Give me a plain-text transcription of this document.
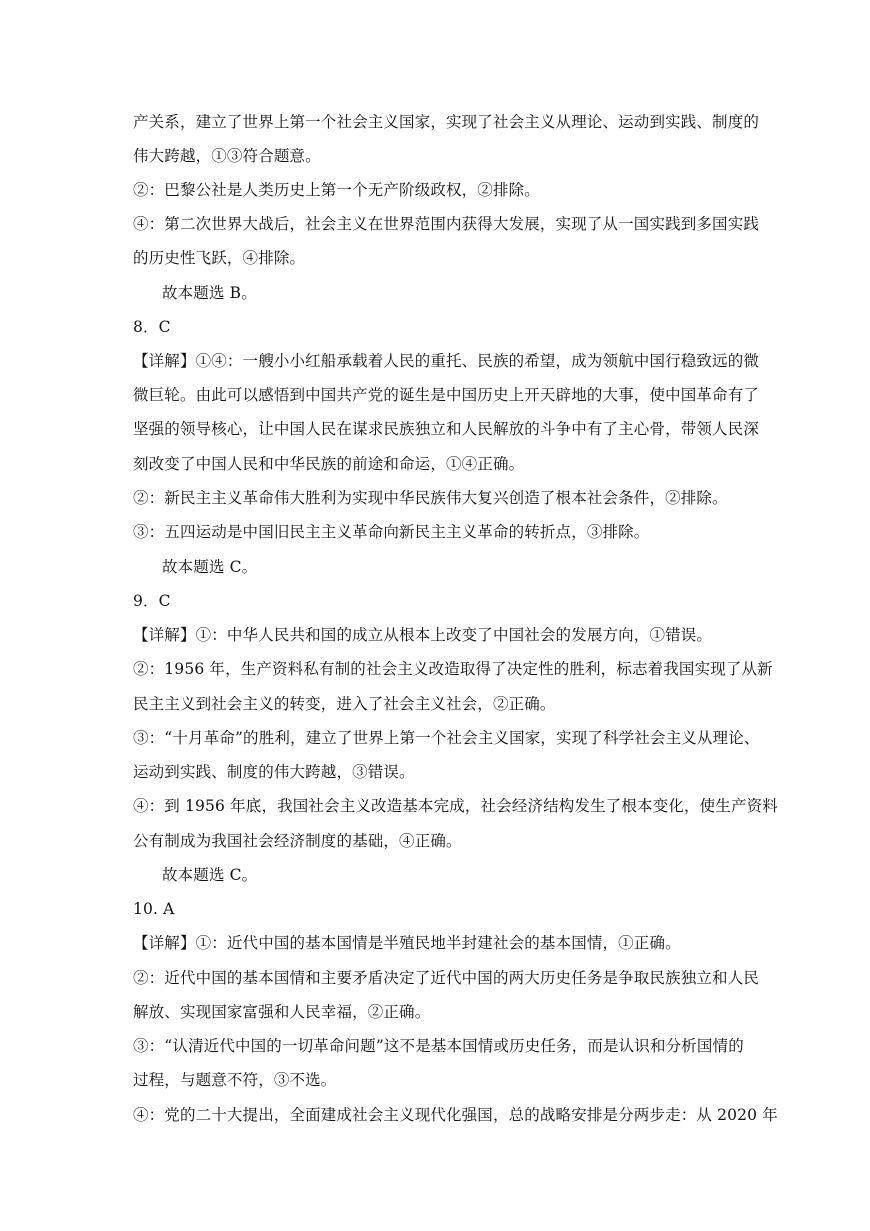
产关系，建立了世界上第一个社会主义国家，实现了社会主义从理论、运动到实践、制度的
伟大跨越，①③符合题意。
②：巴黎公社是人类历史上第一个无产阶级政权，②排除。
④：第二次世界大战后，社会主义在世界范围内获得大发展，实现了从一国实践到多国实践
的历史性飞跃，④排除。
故本题选 B。
8．C
【详解】①④：一艘小小红船承载着人民的重托、民族的希望，成为领航中国行稳致远的微
微巨轮。由此可以感悟到中国共产党的诞生是中国历史上开天辟地的大事，使中国革命有了
坚强的领导核心，让中国人民在谋求民族独立和人民解放的斗争中有了主心骨，带领人民深
刻改变了中国人民和中华民族的前途和命运，①④正确。
②：新民主主义革命伟大胜利为实现中华民族伟大复兴创造了根本社会条件，②排除。
③：五四运动是中国旧民主主义革命向新民主主义革命的转折点，③排除。
故本题选 C。
9．C
【详解】①：中华人民共和国的成立从根本上改变了中国社会的发展方向，①错误。
②：1956 年，生产资料私有制的社会主义改造取得了决定性的胜利，标志着我国实现了从新
民主主义到社会主义的转变，进入了社会主义社会，②正确。
③：“十月革命”的胜利，建立了世界上第一个社会主义国家，实现了科学社会主义从理论、
运动到实践、制度的伟大跨越，③错误。
④：到 1956 年底，我国社会主义改造基本完成，社会经济结构发生了根本变化，使生产资料
公有制成为我国社会经济制度的基础，④正确。
故本题选 C。
10. A
【详解】①：近代中国的基本国情是半殖民地半封建社会的基本国情，①正确。
②：近代中国的基本国情和主要矛盾决定了近代中国的两大历史任务是争取民族独立和人民
解放、实现国家富强和人民幸福，②正确。
③：“认清近代中国的一切革命问题”这不是基本国情或历史任务，而是认识和分析国情的
过程，与题意不符，③不选。
④：党的二十大提出，全面建成社会主义现代化强国，总的战略安排是分两步走：从 2020 年
